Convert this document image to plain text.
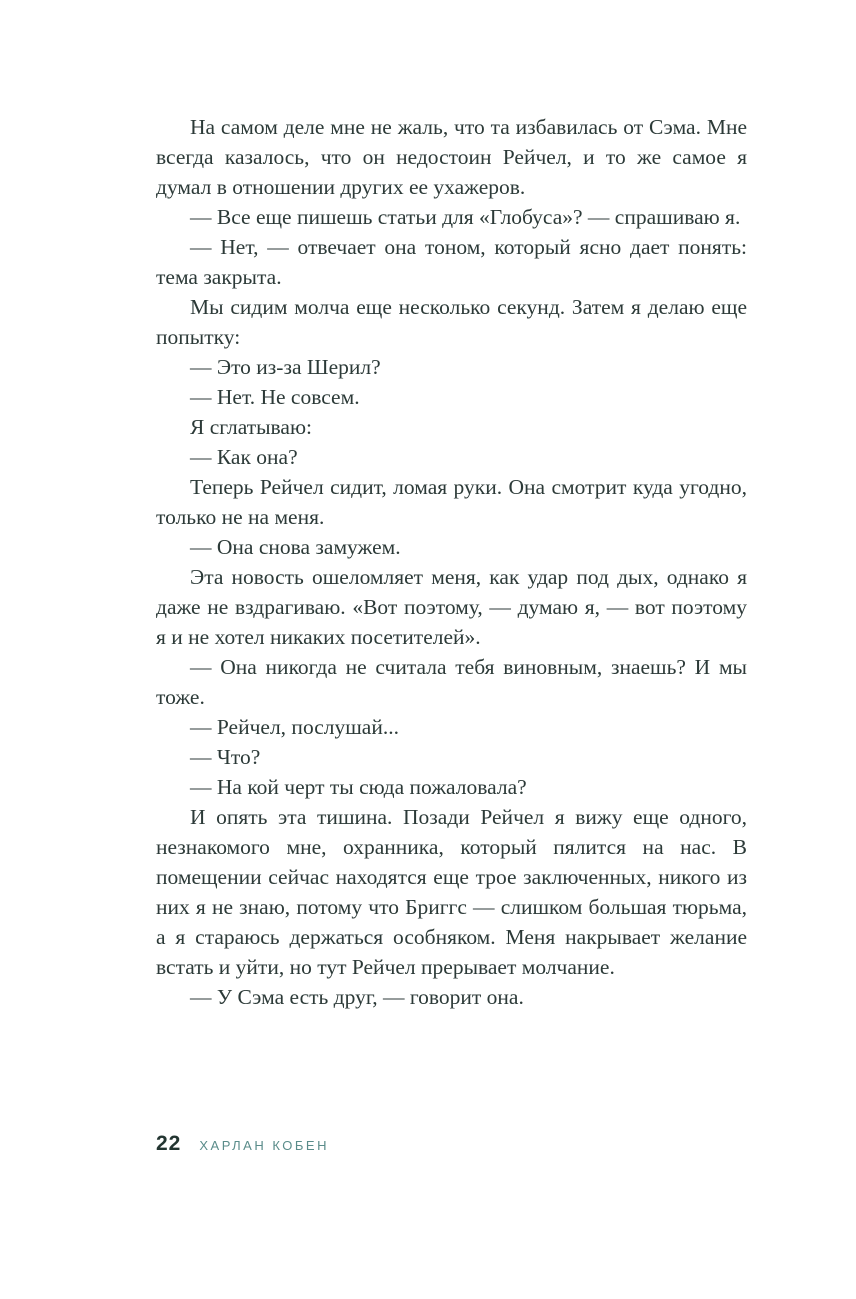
На самом деле мне не жаль, что та избавилась от Сэма. Мне всегда казалось, что он недостоин Рейчел, и то же самое я думал в отношении других ее ухажеров.

— Все еще пишешь статьи для «Глобуса»? — спрашиваю я.

— Нет, — отвечает она тоном, который ясно дает понять: тема закрыта.

Мы сидим молча еще несколько секунд. Затем я делаю еще попытку:

— Это из-за Шерил?

— Нет. Не совсем.

Я сглатываю:

— Как она?

Теперь Рейчел сидит, ломая руки. Она смотрит куда угодно, только не на меня.

— Она снова замужем.

Эта новость ошеломляет меня, как удар под дых, однако я даже не вздрагиваю. «Вот поэтому, — думаю я, — вот поэтому я и не хотел никаких посетителей».

— Она никогда не считала тебя виновным, знаешь? И мы тоже.

— Рейчел, послушай...

— Что?

— На кой черт ты сюда пожаловала?

И опять эта тишина. Позади Рейчел я вижу еще одного, незнакомого мне, охранника, который пялится на нас. В помещении сейчас находятся еще трое заключенных, никого из них я не знаю, потому что Бриггс — слишком большая тюрьма, а я стараюсь держаться особняком. Меня накрывает желание встать и уйти, но тут Рейчел прерывает молчание.

— У Сэма есть друг, — говорит она.

22 ХАРЛАН КОБЕН
